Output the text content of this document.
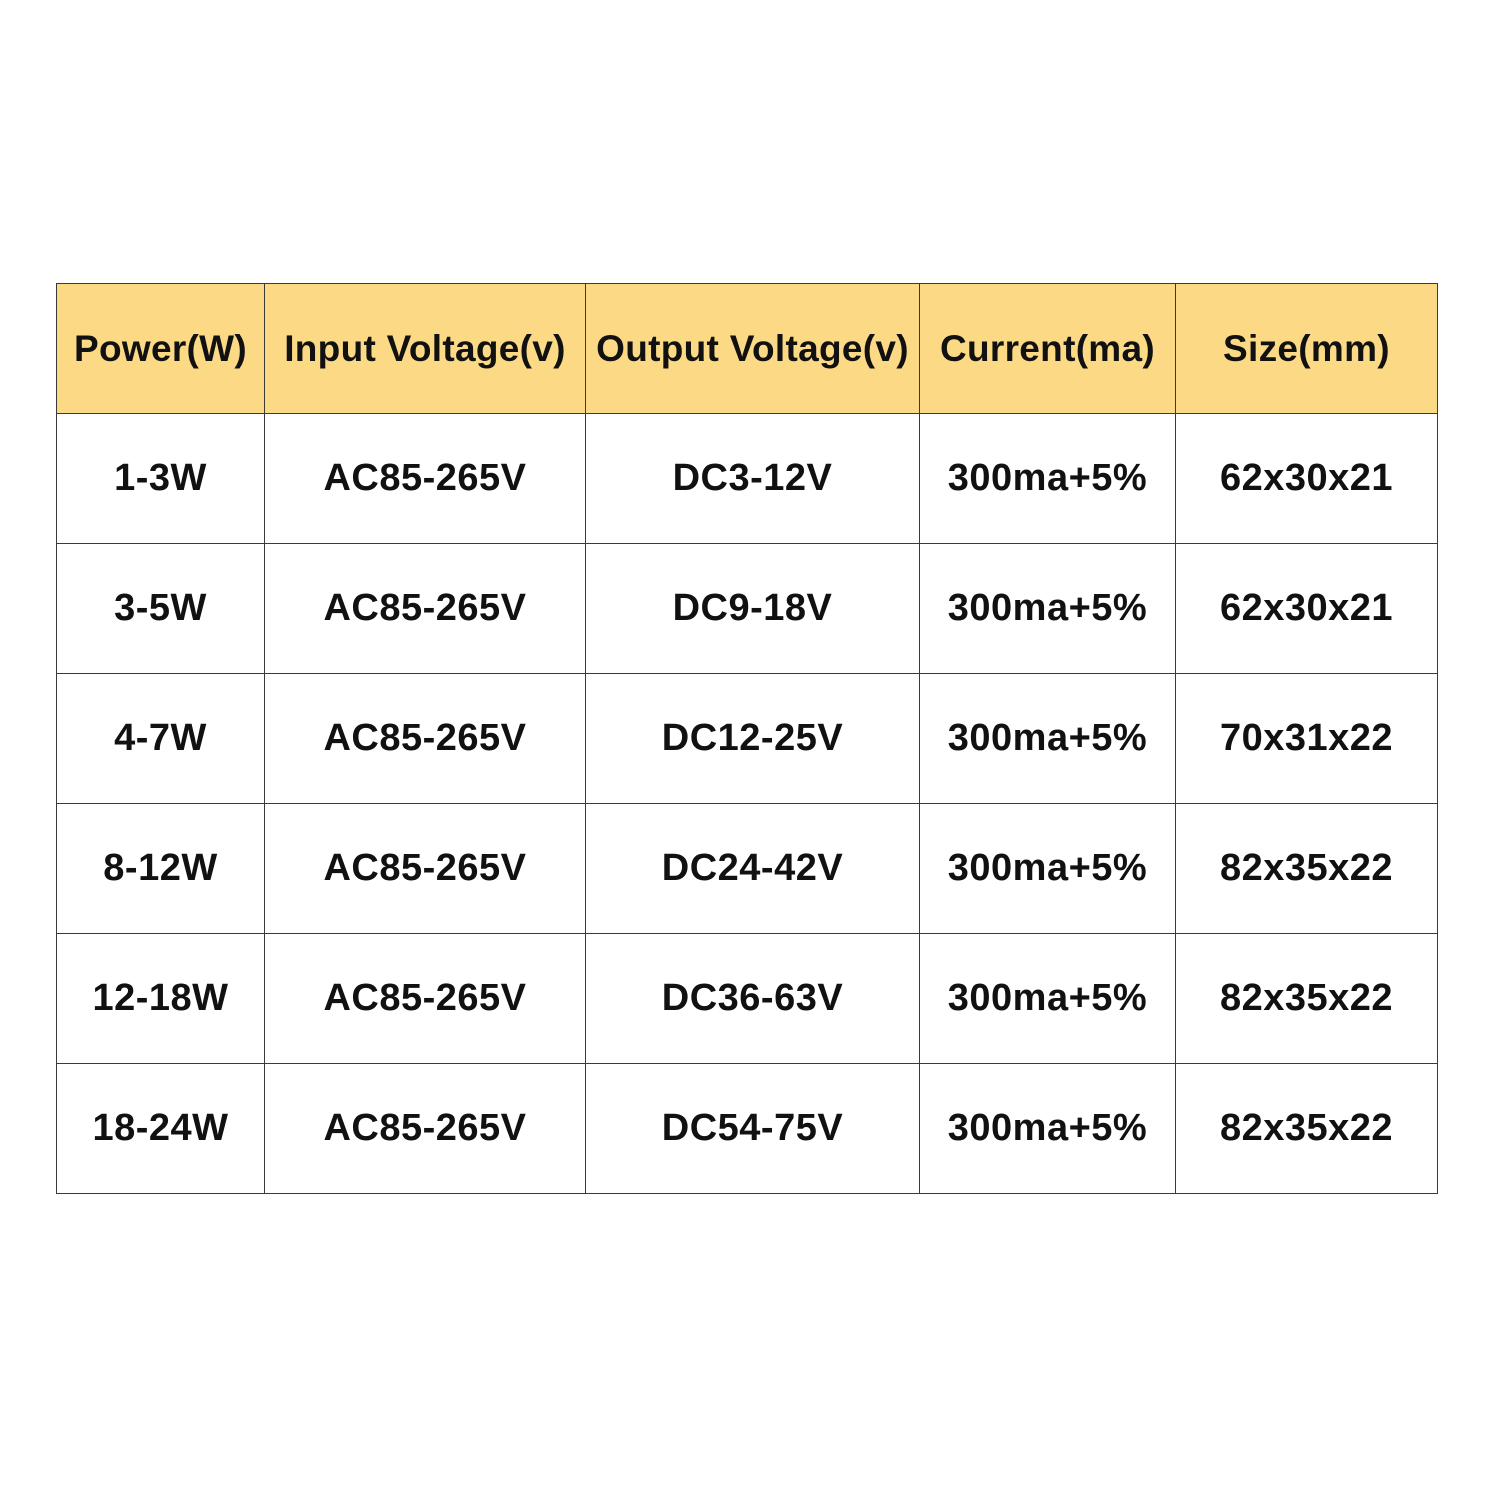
Power(W)	Input Voltage(v)	Output Voltage(v)	Current(ma)	Size(mm)
1-3W	AC85-265V	DC3-12V	300ma+5%	62x30x21
3-5W	AC85-265V	DC9-18V	300ma+5%	62x30x21
4-7W	AC85-265V	DC12-25V	300ma+5%	70x31x22
8-12W	AC85-265V	DC24-42V	300ma+5%	82x35x22
12-18W	AC85-265V	DC36-63V	300ma+5%	82x35x22
18-24W	AC85-265V	DC54-75V	300ma+5%	82x35x22
